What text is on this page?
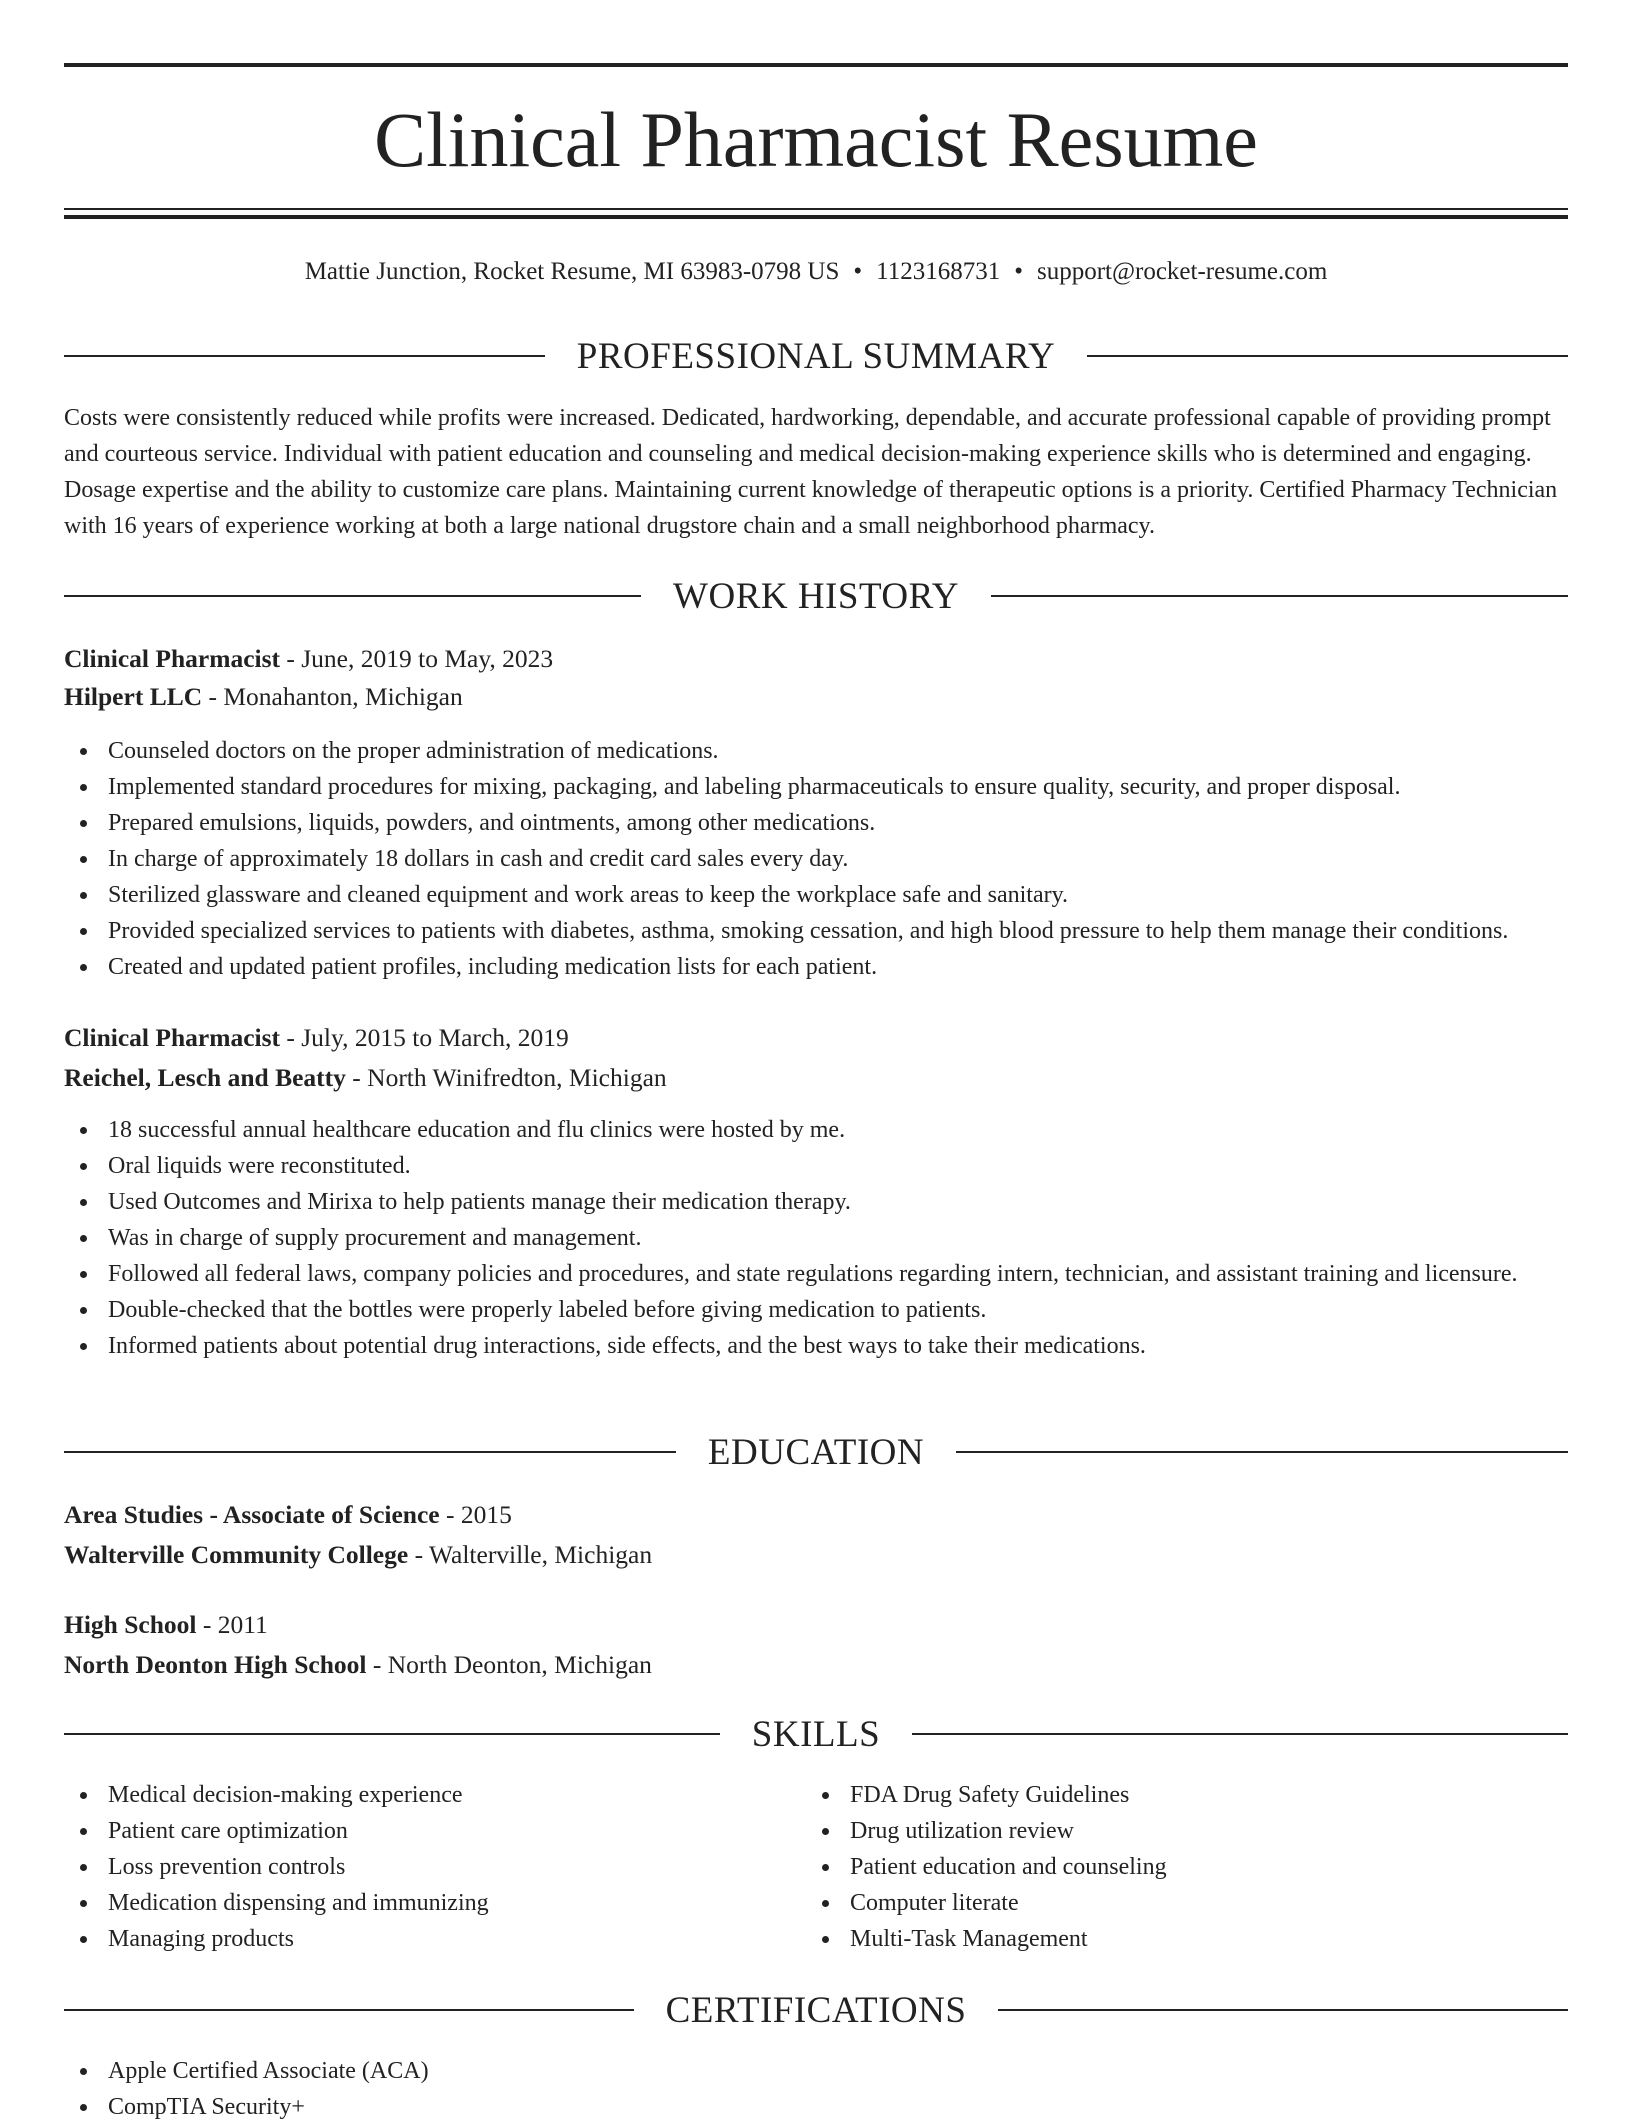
Clinical Pharmacist Resume
Mattie Junction, Rocket Resume, MI 63983-0798 US • 1123168731 • support@rocket-resume.com
PROFESSIONAL SUMMARY
Costs were consistently reduced while profits were increased. Dedicated, hardworking, dependable, and accurate professional capable of providing prompt and courteous service. Individual with patient education and counseling and medical decision-making experience skills who is determined and engaging. Dosage expertise and the ability to customize care plans. Maintaining current knowledge of therapeutic options is a priority. Certified Pharmacy Technician with 16 years of experience working at both a large national drugstore chain and a small neighborhood pharmacy.
WORK HISTORY
Clinical Pharmacist - June, 2019 to May, 2023
Hilpert LLC - Monahanton, Michigan
Counseled doctors on the proper administration of medications.
Implemented standard procedures for mixing, packaging, and labeling pharmaceuticals to ensure quality, security, and proper disposal.
Prepared emulsions, liquids, powders, and ointments, among other medications.
In charge of approximately 18 dollars in cash and credit card sales every day.
Sterilized glassware and cleaned equipment and work areas to keep the workplace safe and sanitary.
Provided specialized services to patients with diabetes, asthma, smoking cessation, and high blood pressure to help them manage their conditions.
Created and updated patient profiles, including medication lists for each patient.
Clinical Pharmacist - July, 2015 to March, 2019
Reichel, Lesch and Beatty - North Winifredton, Michigan
18 successful annual healthcare education and flu clinics were hosted by me.
Oral liquids were reconstituted.
Used Outcomes and Mirixa to help patients manage their medication therapy.
Was in charge of supply procurement and management.
Followed all federal laws, company policies and procedures, and state regulations regarding intern, technician, and assistant training and licensure.
Double-checked that the bottles were properly labeled before giving medication to patients.
Informed patients about potential drug interactions, side effects, and the best ways to take their medications.
EDUCATION
Area Studies - Associate of Science - 2015
Walterville Community College - Walterville, Michigan
High School - 2011
North Deonton High School - North Deonton, Michigan
SKILLS
Medical decision-making experience
Patient care optimization
Loss prevention controls
Medication dispensing and immunizing
Managing products
FDA Drug Safety Guidelines
Drug utilization review
Patient education and counseling
Computer literate
Multi-Task Management
CERTIFICATIONS
Apple Certified Associate (ACA)
CompTIA Security+
